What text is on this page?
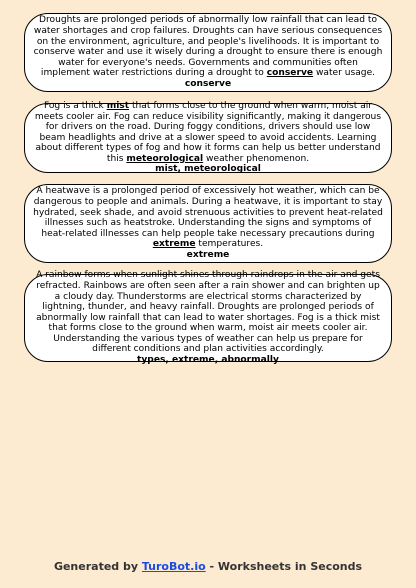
Droughts are prolonged periods of abnormally low rainfall that can lead to water shortages and crop failures. Droughts can have serious consequences on the environment, agriculture, and people's livelihoods. It is important to conserve water and use it wisely during a drought to ensure there is enough water for everyone's needs. Governments and communities often implement water restrictions during a drought to conserve water usage.

conserve

Fog is a thick mist that forms close to the ground when warm, moist air meets cooler air. Fog can reduce visibility significantly, making it dangerous for drivers on the road. During foggy conditions, drivers should use low beam headlights and drive at a slower speed to avoid accidents. Learning about different types of fog and how it forms can help us better understand this meteorological weather phenomenon.

mist, meteorological

A heatwave is a prolonged period of excessively hot weather, which can be dangerous to people and animals. During a heatwave, it is important to stay hydrated, seek shade, and avoid strenuous activities to prevent heat-related illnesses such as heatstroke. Understanding the signs and symptoms of heat-related illnesses can help people take necessary precautions during extreme temperatures.

extreme

A rainbow forms when sunlight shines through raindrops in the air and gets refracted. Rainbows are often seen after a rain shower and can brighten up a cloudy day. Thunderstorms are electrical storms characterized by lightning, thunder, and heavy rainfall. Droughts are prolonged periods of abnormally low rainfall that can lead to water shortages. Fog is a thick mist that forms close to the ground when warm, moist air meets cooler air. Understanding the various types of weather can help us prepare for different conditions and plan activities accordingly.

types, extreme, abnormally

Generated by TuroBot.io - Worksheets in Seconds
